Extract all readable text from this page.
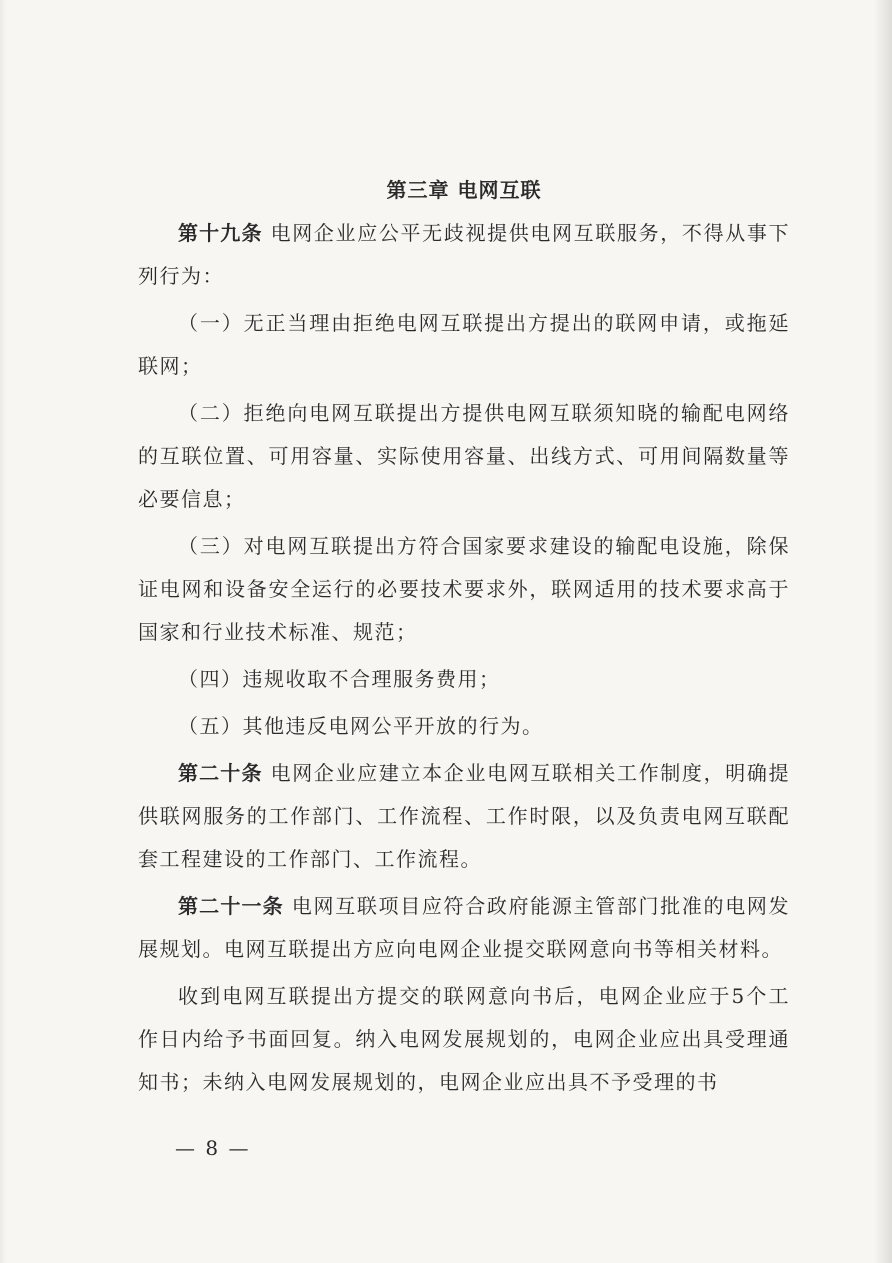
第三章 电网互联

第十九条 电网企业应公平无歧视提供电网互联服务，不得从事下列行为：

（一）无正当理由拒绝电网互联提出方提出的联网申请，或拖延联网；

（二）拒绝向电网互联提出方提供电网互联须知晓的输配电网络的互联位置、可用容量、实际使用容量、出线方式、可用间隔数量等必要信息；

（三）对电网互联提出方符合国家要求建设的输配电设施，除保证电网和设备安全运行的必要技术要求外，联网适用的技术要求高于国家和行业技术标准、规范；

（四）违规收取不合理服务费用；

（五）其他违反电网公平开放的行为。

第二十条 电网企业应建立本企业电网互联相关工作制度，明确提供联网服务的工作部门、工作流程、工作时限，以及负责电网互联配套工程建设的工作部门、工作流程。

第二十一条 电网互联项目应符合政府能源主管部门批准的电网发展规划。电网互联提出方应向电网企业提交联网意向书等相关材料。

收到电网互联提出方提交的联网意向书后，电网企业应于5个工作日内给予书面回复。纳入电网发展规划的，电网企业应出具受理通知书；未纳入电网发展规划的，电网企业应出具不予受理的书

— 8 —
